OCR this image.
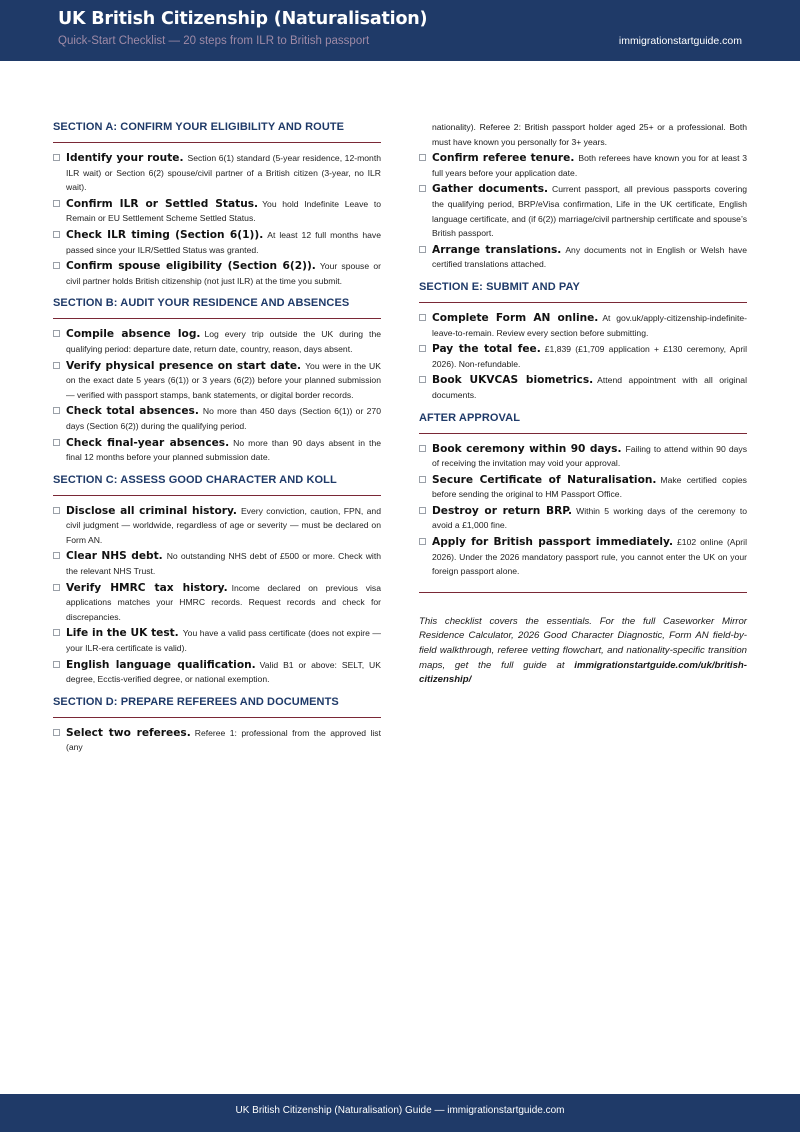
UK British Citizenship (Naturalisation)
Quick-Start Checklist — 20 steps from ILR to British passport	immigrationstartguide.com
SECTION A: CONFIRM YOUR ELIGIBILITY AND ROUTE
Identify your route. Section 6(1) standard (5-year residence, 12-month ILR wait) or Section 6(2) spouse/civil partner of a British citizen (3-year, no ILR wait).
Confirm ILR or Settled Status. You hold Indefinite Leave to Remain or EU Settlement Scheme Settled Status.
Check ILR timing (Section 6(1)). At least 12 full months have passed since your ILR/Settled Status was granted.
Confirm spouse eligibility (Section 6(2)). Your spouse or civil partner holds British citizenship (not just ILR) at the time you submit.
SECTION B: AUDIT YOUR RESIDENCE AND ABSENCES
Compile absence log. Log every trip outside the UK during the qualifying period: departure date, return date, country, reason, days absent.
Verify physical presence on start date. You were in the UK on the exact date 5 years (6(1)) or 3 years (6(2)) before your planned submission — verified with passport stamps, bank statements, or digital border records.
Check total absences. No more than 450 days (Section 6(1)) or 270 days (Section 6(2)) during the qualifying period.
Check final-year absences. No more than 90 days absent in the final 12 months before your planned submission date.
SECTION C: ASSESS GOOD CHARACTER AND KOLL
Disclose all criminal history. Every conviction, caution, FPN, and civil judgment — worldwide, regardless of age or severity — must be declared on Form AN.
Clear NHS debt. No outstanding NHS debt of £500 or more. Check with the relevant NHS Trust.
Verify HMRC tax history. Income declared on previous visa applications matches your HMRC records. Request records and check for discrepancies.
Life in the UK test. You have a valid pass certificate (does not expire — your ILR-era certificate is valid).
English language qualification. Valid B1 or above: SELT, UK degree, Ecctis-verified degree, or national exemption.
SECTION D: PREPARE REFEREES AND DOCUMENTS
Select two referees. Referee 1: professional from the approved list (any
nationality). Referee 2: British passport holder aged 25+ or a professional. Both must have known you personally for 3+ years.
Confirm referee tenure. Both referees have known you for at least 3 full years before your application date.
Gather documents. Current passport, all previous passports covering the qualifying period, BRP/eVisa confirmation, Life in the UK certificate, English language certificate, and (if 6(2)) marriage/civil partnership certificate and spouse’s British passport.
Arrange translations. Any documents not in English or Welsh have certified translations attached.
SECTION E: SUBMIT AND PAY
Complete Form AN online. At gov.uk/apply-citizenship-indefinite-leave-to-remain. Review every section before submitting.
Pay the total fee. £1,839 (£1,709 application + £130 ceremony, April 2026). Non-refundable.
Book UKVCAS biometrics. Attend appointment with all original documents.
AFTER APPROVAL
Book ceremony within 90 days. Failing to attend within 90 days of receiving the invitation may void your approval.
Secure Certificate of Naturalisation. Make certified copies before sending the original to HM Passport Office.
Destroy or return BRP. Within 5 working days of the ceremony to avoid a £1,000 fine.
Apply for British passport immediately. £102 online (April 2026). Under the 2026 mandatory passport rule, you cannot enter the UK on your foreign passport alone.
This checklist covers the essentials. For the full Caseworker Mirror Residence Calculator, 2026 Good Character Diagnostic, Form AN field-by-field walkthrough, referee vetting flowchart, and nationality-specific transition maps, get the full guide at immigrationstartguide.com/uk/british-citizenship/
UK British Citizenship (Naturalisation) Guide — immigrationstartguide.com
